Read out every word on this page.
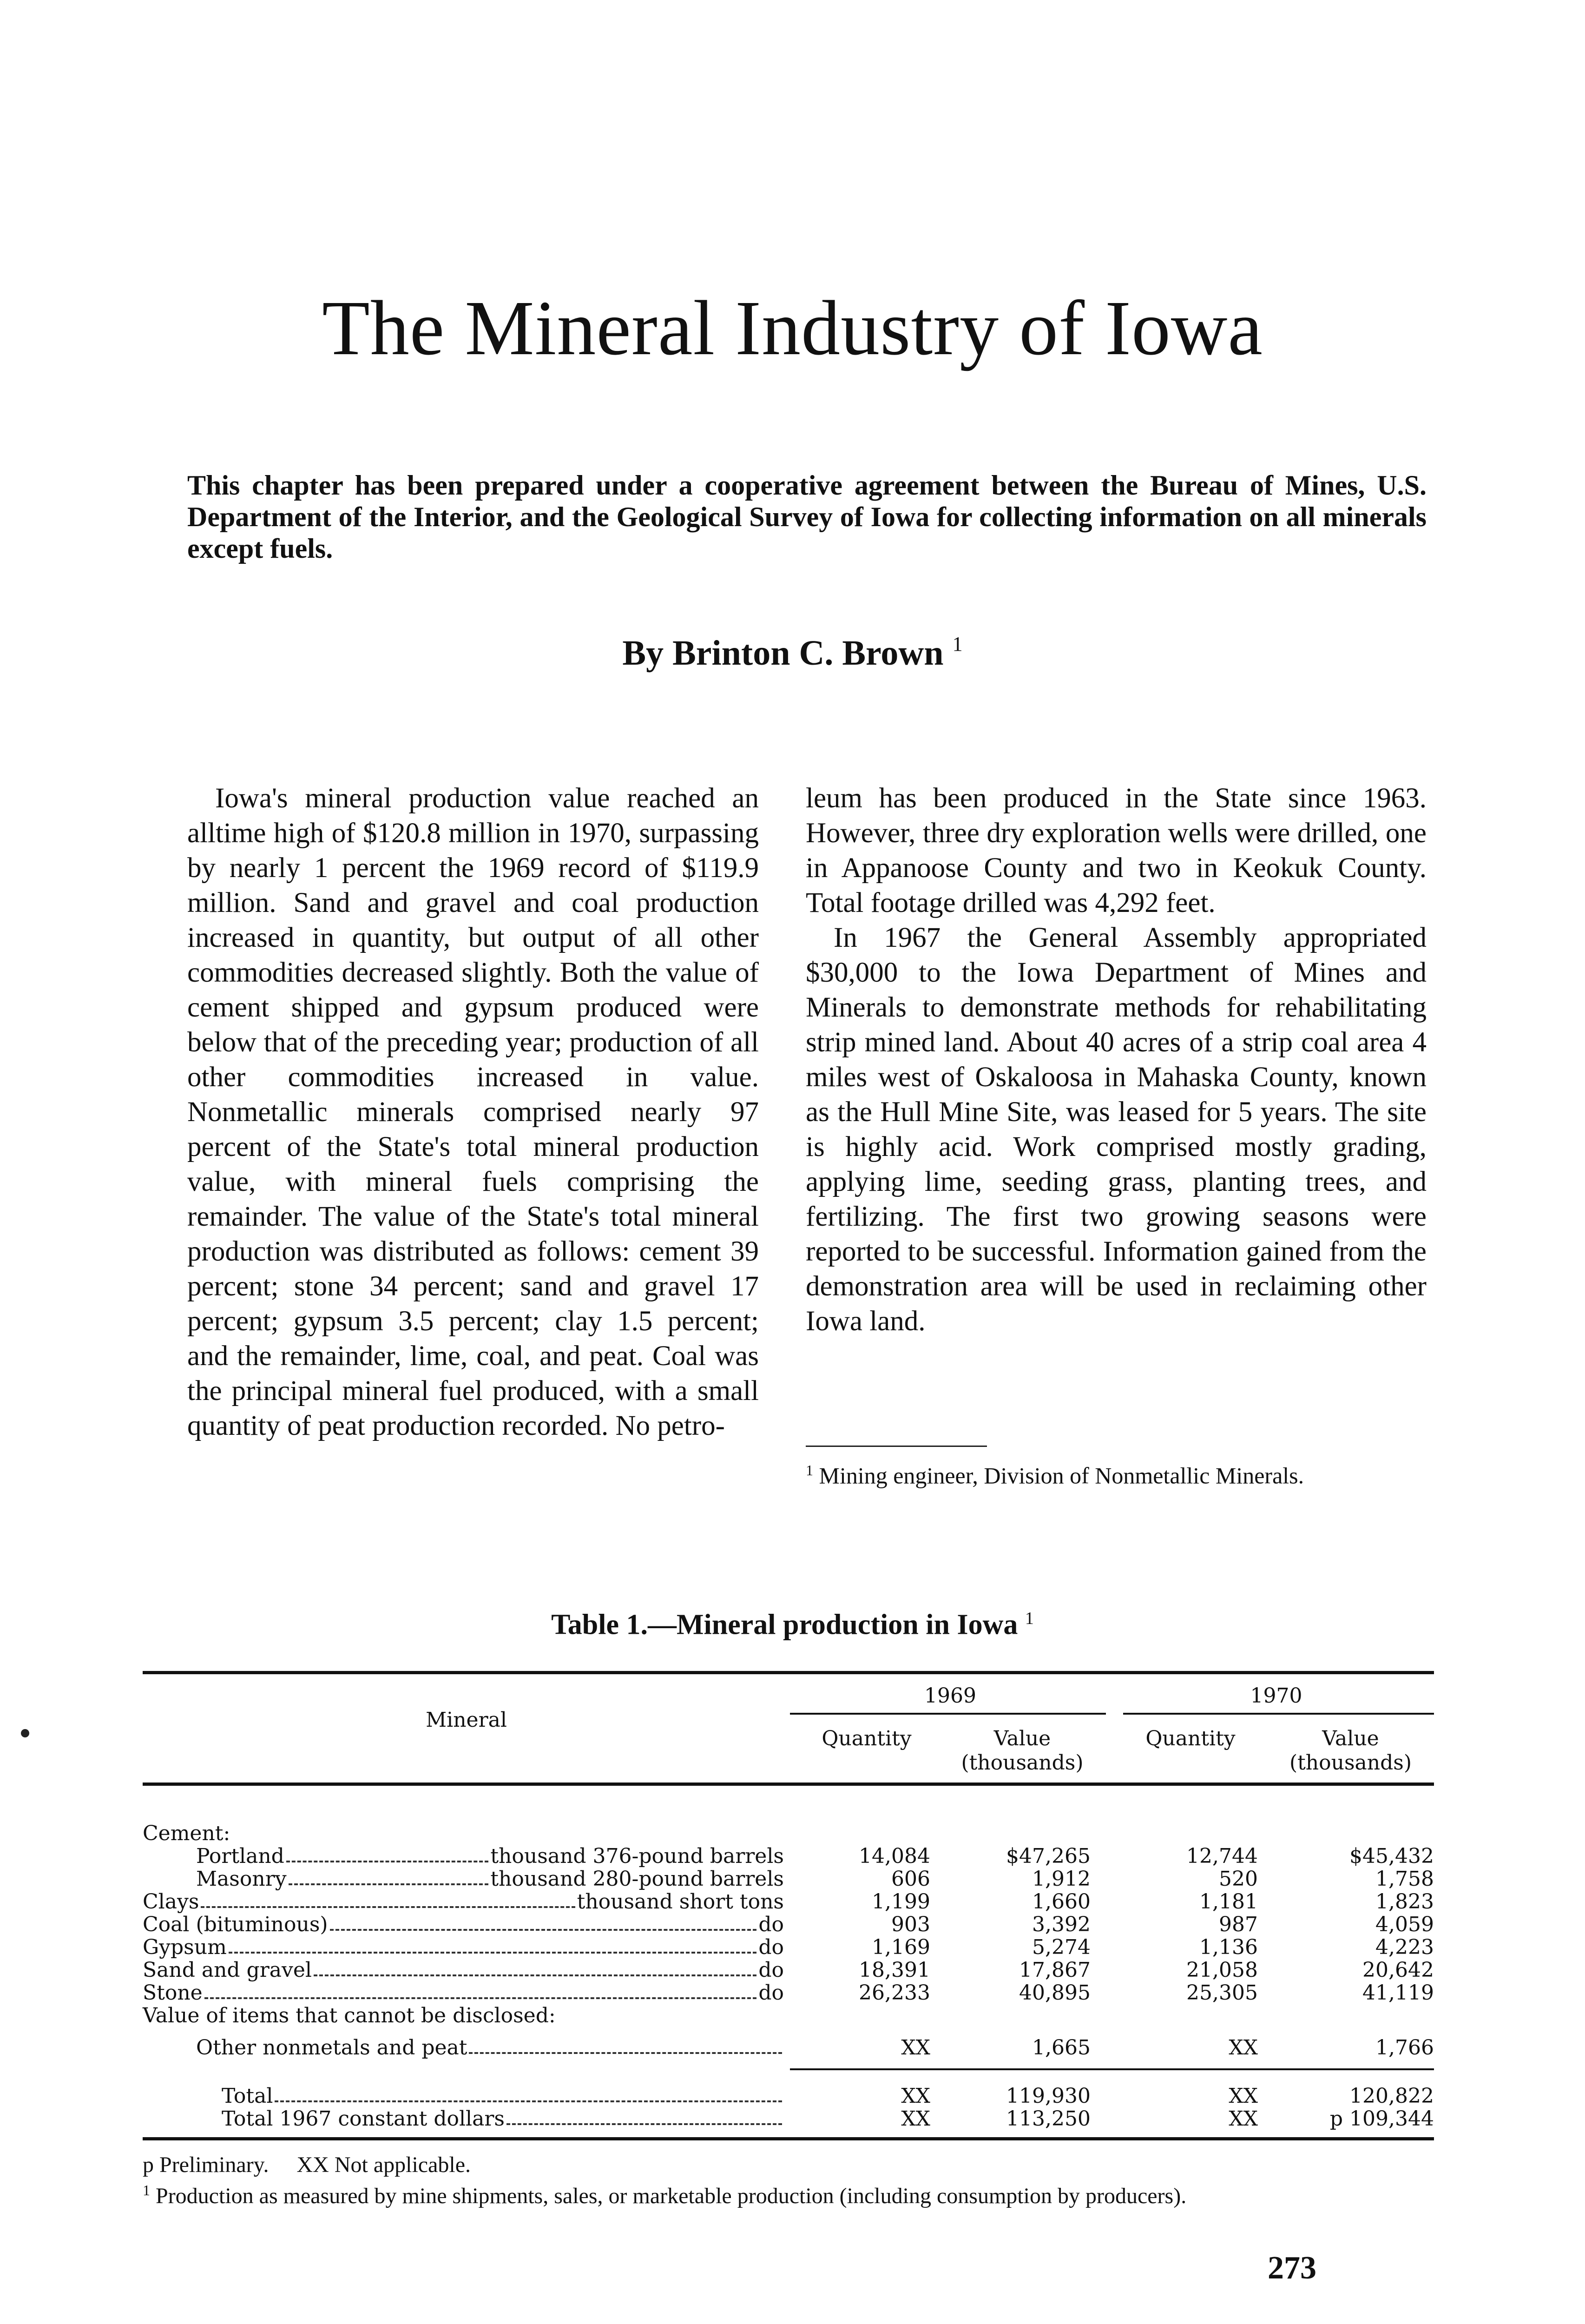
The Mineral Industry of Iowa
This chapter has been prepared under a cooperative agreement between the Bureau of Mines, U.S. Department of the Interior, and the Geological Survey of Iowa for collecting information on all minerals except fuels.
By Brinton C. Brown $^1$

Iowa's mineral production value reached an alltime high of $120.8 million in 1970, surpassing by nearly 1 percent the 1969 record of $119.9 million. Sand and gravel and coal production increased in quantity, but output of all other commodities decreased slightly. Both the value of cement shipped and gypsum produced were below that of the preceding year; production of all other commodities increased in value. Nonmetallic minerals comprised nearly 97 percent of the State's total mineral production value, with mineral fuels comprising the remainder. The value of the State's total mineral production was distributed as follows: cement 39 percent; stone 34 percent; sand and gravel 17 percent; gypsum 3.5 percent; clay 1.5 percent; and the remainder, lime, coal, and peat. Coal was the principal mineral fuel produced, with a small quantity of peat production recorded. No petro-

leum has been produced in the State since 1963. However, three dry exploration wells were drilled, one in Appanoose County and two in Keokuk County. Total footage drilled was 4,292 feet.

In 1967 the General Assembly appropriated $30,000 to the Iowa Department of Mines and Minerals to demonstrate methods for rehabilitating strip mined land. About 40 acres of a strip coal area 4 miles west of Oskaloosa in Mahaska County, known as the Hull Mine Site, was leased for 5 years. The site is highly acid. Work comprised mostly grading, applying lime, seeding grass, planting trees, and fertilizing. The first two growing seasons were reported to be successful. Information gained from the demonstration area will be used in reclaiming other Iowa land.

$^1$ Mining engineer, Division of Nonmetallic Minerals.
Table 1.—Mineral production in Iowa $^1$
Mineral
1969	1970
Quantity	Value
(thousands)
Quantity	Value
(thousands)
Cement:
Portland	thousand 376-pound barrels	14,084	$47,265	12,744	$45,432
Masonry	thousand 280-pound barrels	606	1,912	520	1,758
Clays	thousand short tons	1,199	1,660	1,181	1,823
Coal (bituminous)	do	903	3,392	987	4,059
Gypsum	do	1,169	5,274	1,136	4,223
Sand and gravel	do	18,391	17,867	21,058	20,642
Stone	do	26,233	40,895	25,305	41,119
Value of items that cannot be disclosed:
Other nonmetals and peat	XX	1,665	XX	1,766
Total	XX	119,930	XX	120,822
Total 1967 constant dollars	XX	113,250	XX	p 109,344
p Preliminary. XX Not applicable.
$^1$ Production as measured by mine shipments, sales, or marketable production (including consumption by producers).
273
